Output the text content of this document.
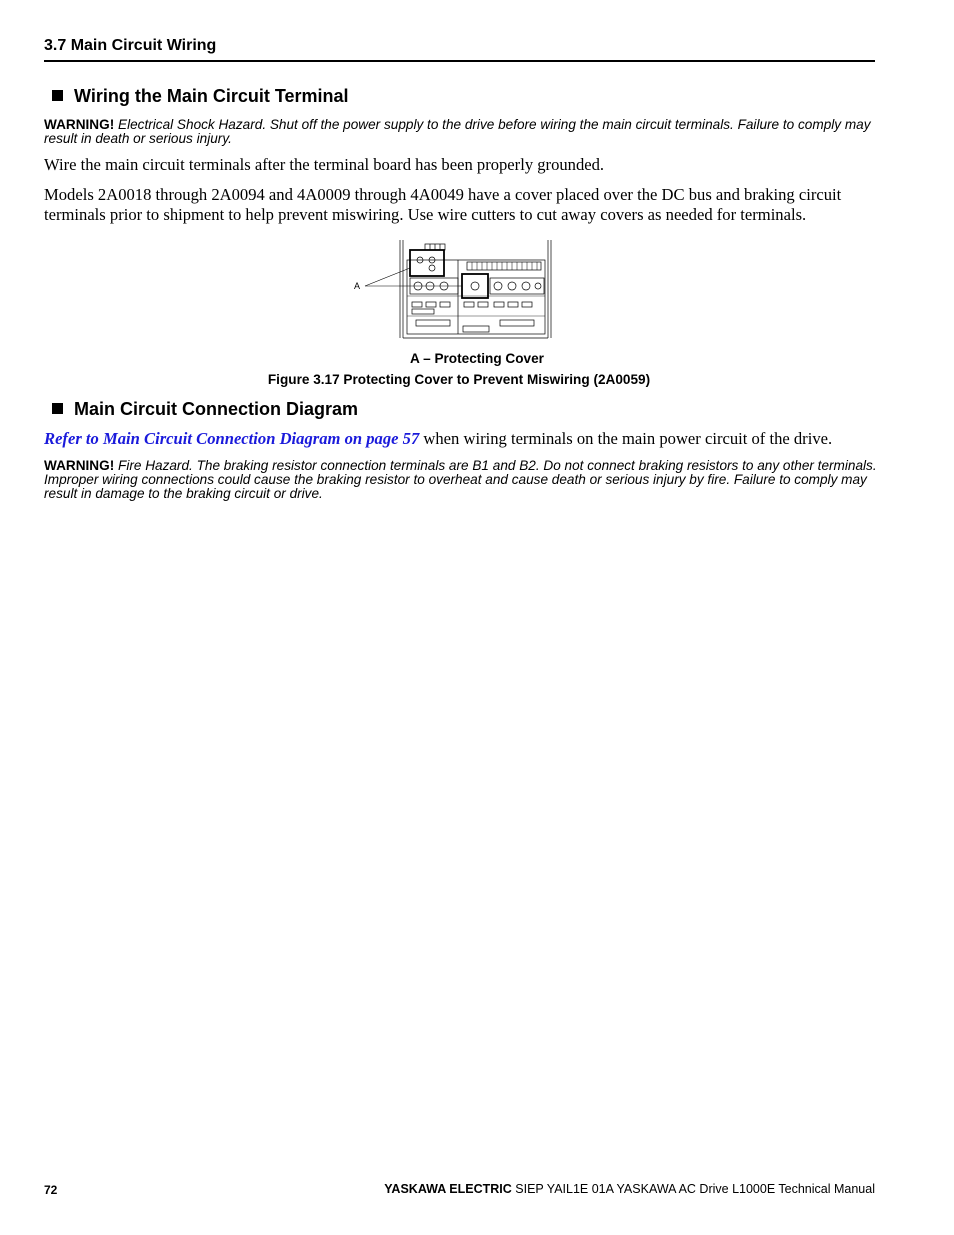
3.7 Main Circuit Wiring
Wiring the Main Circuit Terminal
WARNING! Electrical Shock Hazard. Shut off the power supply to the drive before wiring the main circuit terminals. Failure to comply may result in death or serious injury.
Wire the main circuit terminals after the terminal board has been properly grounded.
Models 2A0018 through 2A0094 and 4A0009 through 4A0049 have a cover placed over the DC bus and braking circuit terminals prior to shipment to help prevent miswiring. Use wire cutters to cut away covers as needed for terminals.
A
A – Protecting Cover
Figure 3.17 Protecting Cover to Prevent Miswiring (2A0059)
Main Circuit Connection Diagram
Refer to Main Circuit Connection Diagram on page 57 when wiring terminals on the main power circuit of the drive.
WARNING! Fire Hazard. The braking resistor connection terminals are B1 and B2. Do not connect braking resistors to any other terminals. Improper wiring connections could cause the braking resistor to overheat and cause death or serious injury by fire. Failure to comply may result in damage to the braking circuit or drive.
72	YASKAWA ELECTRIC SIEP YAIL1E 01A YASKAWA AC Drive L1000E Technical Manual
